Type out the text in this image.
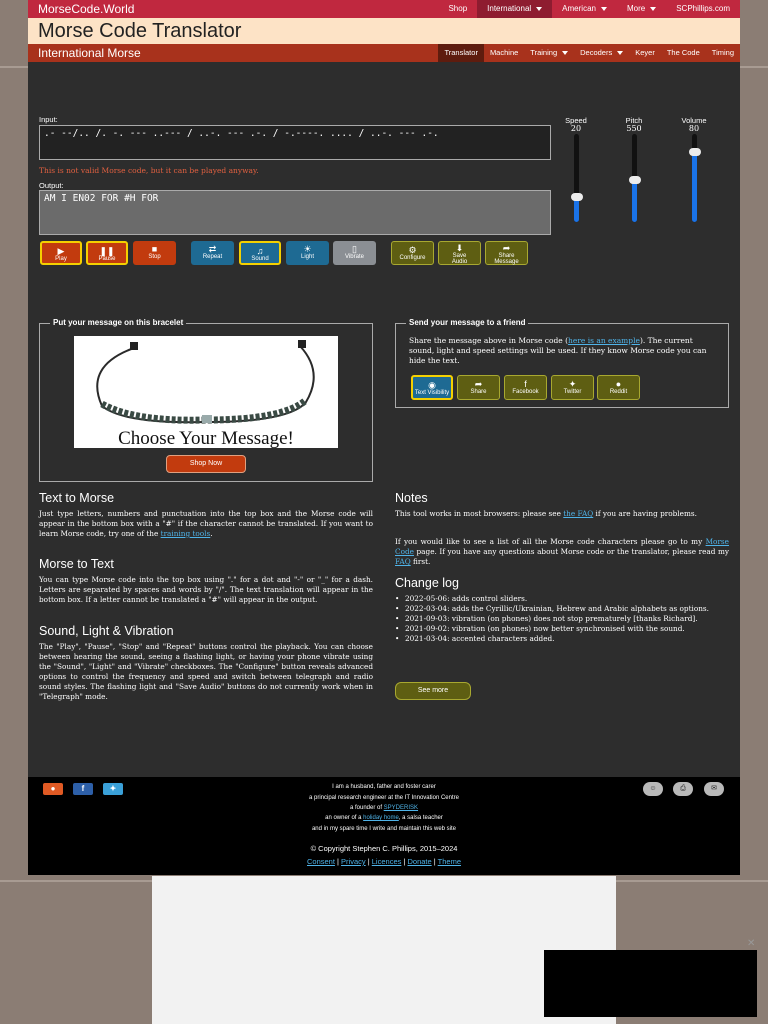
✕
MorseCode.World	Shop	International	American	More	SCPhillips.com
Morse Code Translator
International Morse	Translator	Machine	Training	Decoders	Keyer	The Code	Timing
Input:
.- --/.. /. -. --- ..--- / ..-. --- .-. / -.----. .... / ..-. --- .-.
This is not valid Morse code, but it can be played anyway.
Output:
AM I EN02 FOR #H FOR
Speed
20
Pitch
550
Volume
80
▶
Play
❚❚
Pause
■
Stop
⇄
Repeat
♫
Sound
☀
Light
▯
Vibrate
⚙
Configure
⬇
Save Audio
➦
Share Message
Put your message on this bracelet
Choose Your Message!
Shop Now
Send your message to a friend
Share the message above in Morse code (here is an example). The current sound, light and speed settings will be used. If they know Morse code you can hide the text.
◉
Text Visibility
➦
Share
f
Facebook
✦
Twitter
●
Reddit
Text to Morse
Just type letters, numbers and punctuation into the top box and the Morse code will appear in the bottom box with a "#" if the character cannot be translated. If you want to learn Morse code, try one of the training tools.
Morse to Text
You can type Morse code into the top box using "." for a dot and "-" or "_" for a dash. Letters are separated by spaces and words by "/". The text translation will appear in the bottom box. If a letter cannot be translated a "#" will appear in the output.
Sound, Light & Vibration
The "Play", "Pause", "Stop" and "Repeat" buttons control the playback. You can choose between hearing the sound, seeing a flashing light, or having your phone vibrate using the "Sound", "Light" and "Vibrate" checkboxes. The "Configure" button reveals advanced options to control the frequency and speed and switch between telegraph and radio sound styles. The flashing light and "Save Audio" buttons do not currently work when in "Telegraph" mode.
Notes
This tool works in most browsers: please see the FAQ if you are having problems.
If you would like to see a list of all the Morse code characters please go to my Morse Code page. If you have any questions about Morse code or the translator, please read my FAQ first.
Change log
• 2022-05-06: adds control sliders.
• 2022-03-04: adds the Cyrillic/Ukrainian, Hebrew and Arabic alphabets as options.
• 2021-09-03: vibration (on phones) does not stop prematurely [thanks Richard].
• 2021-09-02: vibration (on phones) now better synchronised with the sound.
• 2021-03-04: accented characters added.
See more
●	f	✦	☺	⎙	✉
I am a husband, father and foster carer
a principal research engineer at the IT Innovation Centre
a founder of SPYDERISK
an owner of a holiday home, a salsa teacher
and in my spare time I write and maintain this web site
© Copyright Stephen C. Phillips, 2015–2024
Consent | Privacy | Licences | Donate | Theme
